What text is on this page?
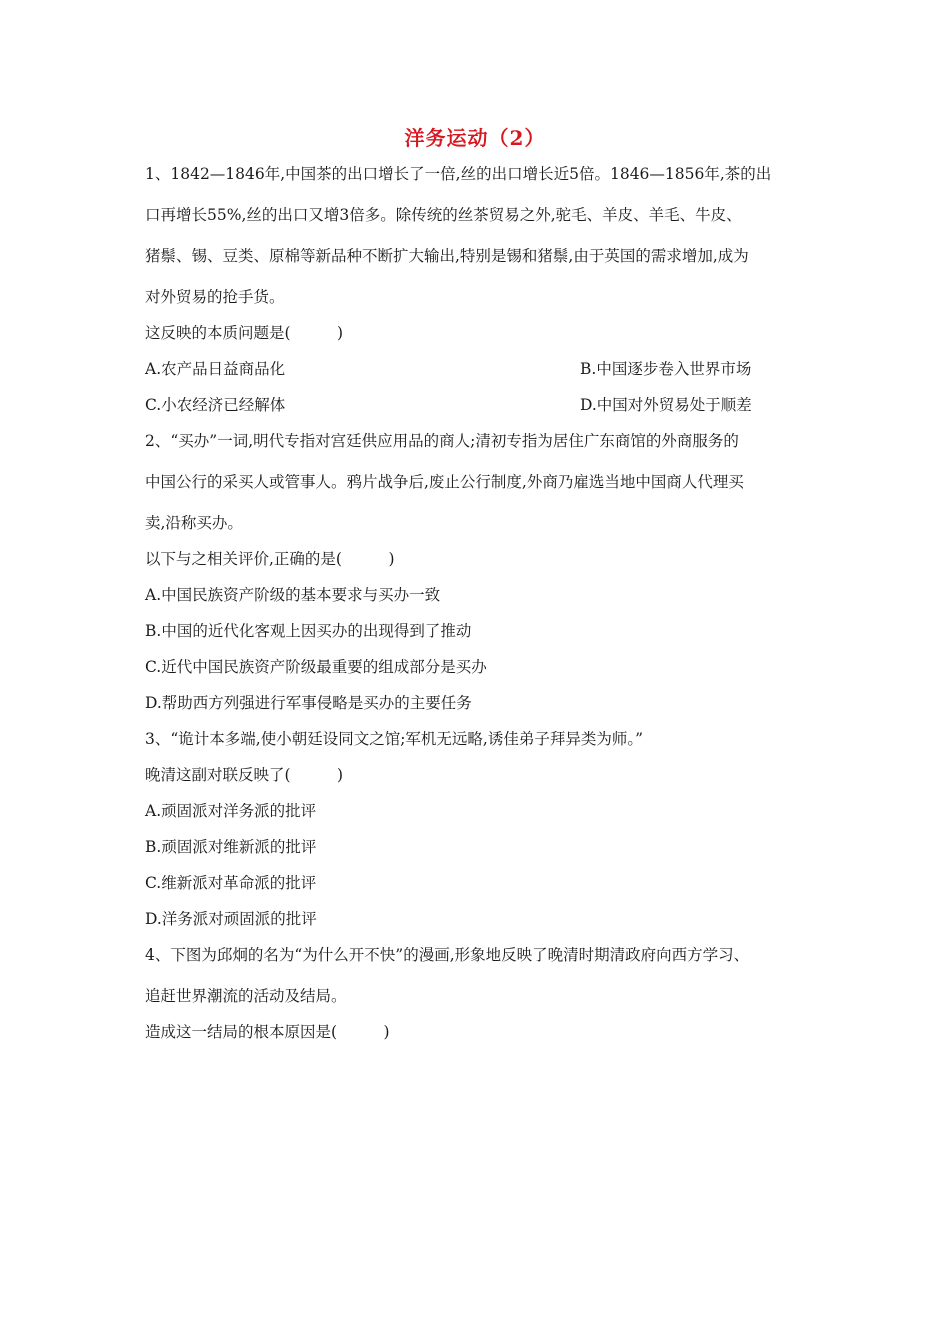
洋务运动（2）
1、1842—1846年,中国茶的出口增长了一倍,丝的出口增长近5倍。1846—1856年,茶的出
口再增长55%,丝的出口又增3倍多。除传统的丝茶贸易之外,驼毛、羊皮、羊毛、牛皮、
猪鬃、锡、豆类、原棉等新品种不断扩大输出,特别是锡和猪鬃,由于英国的需求增加,成为
对外贸易的抢手货。
这反映的本质问题是(　　　)
A.农产品日益商品化	B.中国逐步卷入世界市场
C.小农经济已经解体	D.中国对外贸易处于顺差
2、“买办”一词,明代专指对宫廷供应用品的商人;清初专指为居住广东商馆的外商服务的
中国公行的采买人或管事人。鸦片战争后,废止公行制度,外商乃雇选当地中国商人代理买
卖,沿称买办。
以下与之相关评价,正确的是(　　　)
A.中国民族资产阶级的基本要求与买办一致
B.中国的近代化客观上因买办的出现得到了推动
C.近代中国民族资产阶级最重要的组成部分是买办
D.帮助西方列强进行军事侵略是买办的主要任务
3、“诡计本多端,使小朝廷设同文之馆;军机无远略,诱佳弟子拜异类为师。”
晚清这副对联反映了(　　　)
A.顽固派对洋务派的批评
B.顽固派对维新派的批评
C.维新派对革命派的批评
D.洋务派对顽固派的批评
4、下图为邱炯的名为“为什么开不快”的漫画,形象地反映了晚清时期清政府向西方学习、
追赶世界潮流的活动及结局。
造成这一结局的根本原因是(　　　)
